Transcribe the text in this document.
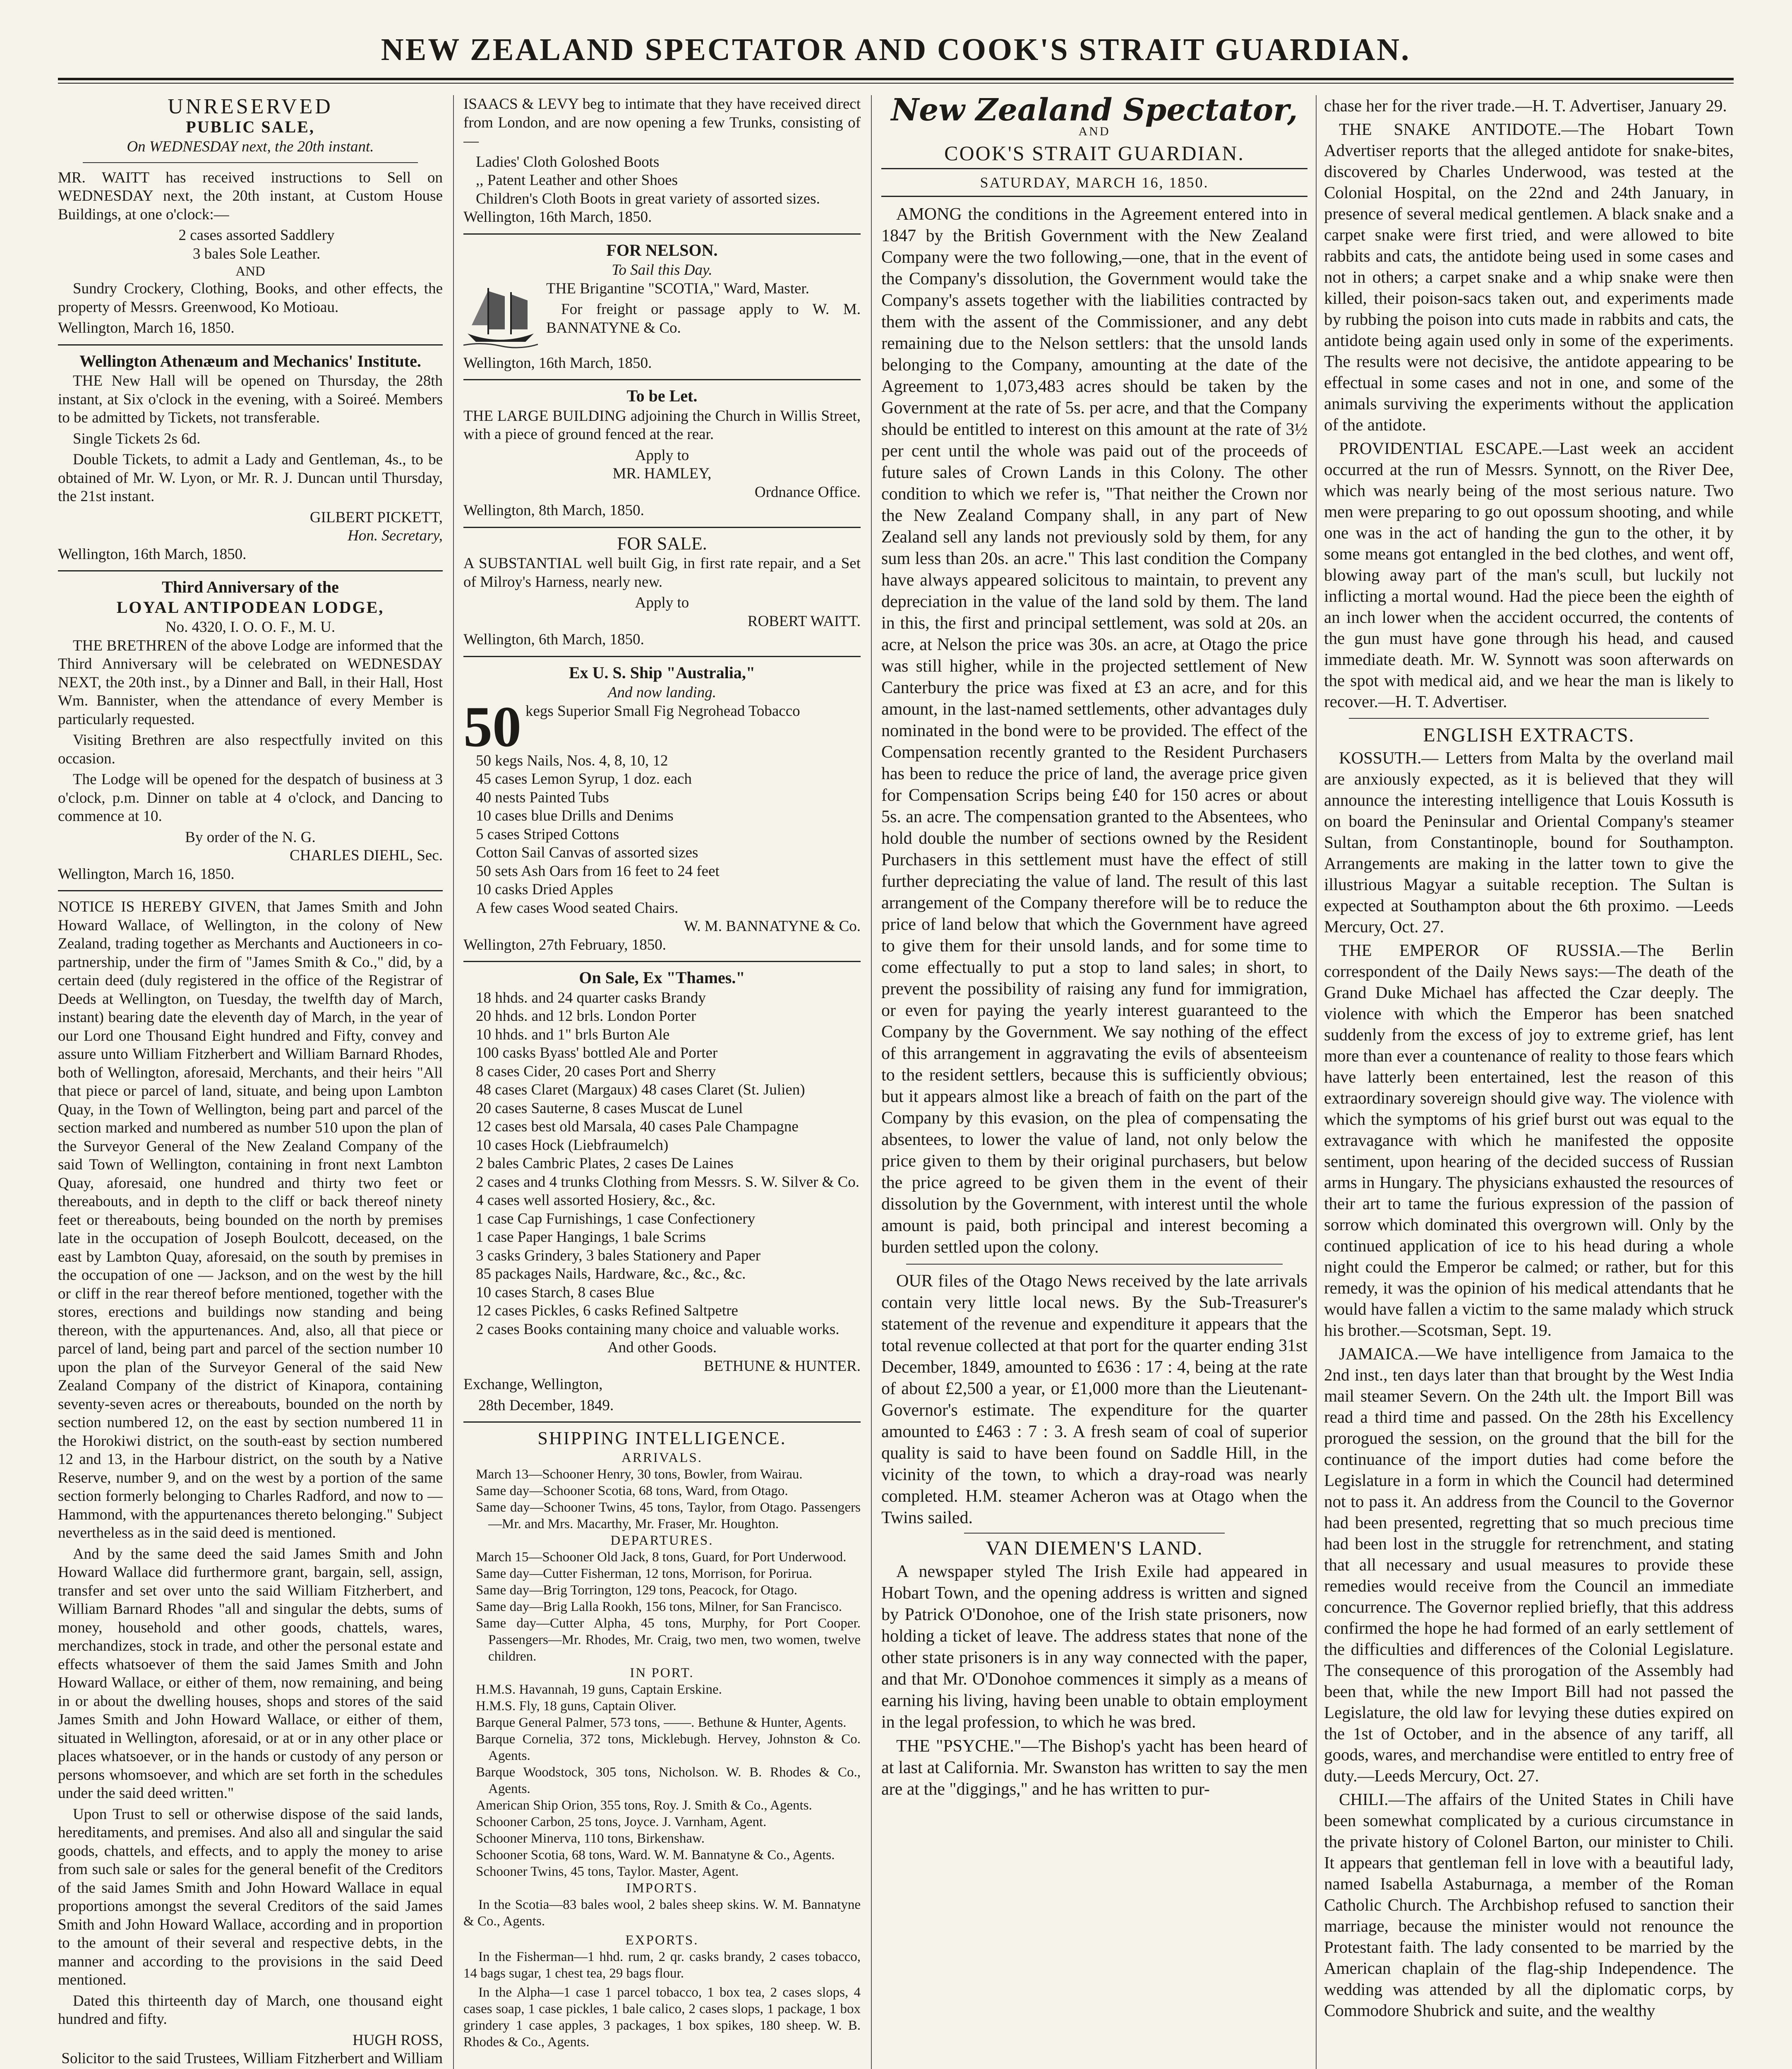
NEW ZEALAND SPECTATOR AND COOK'S STRAIT GUARDIAN.
UNRESERVED
PUBLIC SALE,
On WEDNESDAY next, the 20th instant.

MR. WAITT has received instructions to Sell on WEDNESDAY next, the 20th instant, at Custom House Buildings, at one o'clock:—

2 cases assorted Saddlery
3 bales Sole Leather.
AND

Sundry Crockery, Clothing, Books, and other effects, the property of Messrs. Greenwood, Ko Motioau.

Wellington, March 16, 1850.

Wellington Athenæum and Mechanics' Institute.

THE New Hall will be opened on Thursday, the 28th instant, at Six o'clock in the evening, with a Soireé. Members to be admitted by Tickets, not transferable.

Single Tickets 2s 6d.

Double Tickets, to admit a Lady and Gentleman, 4s., to be obtained of Mr. W. Lyon, or Mr. R. J. Duncan until Thursday, the 21st instant.

GILBERT PICKETT,
Hon. Secretary,

Wellington, 16th March, 1850.

Third Anniversary of the
LOYAL ANTIPODEAN LODGE,
No. 4320, I. O. O. F., M. U.

THE BRETHREN of the above Lodge are informed that the Third Anniversary will be celebrated on WEDNESDAY NEXT, the 20th inst., by a Dinner and Ball, in their Hall, Host Wm. Bannister, when the attendance of every Member is particularly requested.

Visiting Brethren are also respectfully invited on this occasion.

The Lodge will be opened for the despatch of business at 3 o'clock, p.m. Dinner on table at 4 o'clock, and Dancing to commence at 10.

By order of the N. G.
CHARLES DIEHL, Sec.

Wellington, March 16, 1850.

NOTICE IS HEREBY GIVEN, that James Smith and John Howard Wallace, of Wellington, in the colony of New Zealand, trading together as Merchants and Auctioneers in co-partnership, under the firm of "James Smith & Co.," did, by a certain deed (duly registered in the office of the Registrar of Deeds at Wellington, on Tuesday, the twelfth day of March, instant) bearing date the eleventh day of March, in the year of our Lord one Thousand Eight hundred and Fifty, convey and assure unto William Fitzherbert and William Barnard Rhodes, both of Wellington, aforesaid, Merchants, and their heirs "All that piece or parcel of land, situate, and being upon Lambton Quay, in the Town of Wellington, being part and parcel of the section marked and numbered as number 510 upon the plan of the Surveyor General of the New Zealand Company of the said Town of Wellington, containing in front next Lambton Quay, aforesaid, one hundred and thirty two feet or thereabouts, and in depth to the cliff or back thereof ninety feet or thereabouts, being bounded on the north by premises late in the occupation of Joseph Boulcott, deceased, on the east by Lambton Quay, aforesaid, on the south by premises in the occupation of one — Jackson, and on the west by the hill or cliff in the rear thereof before mentioned, together with the stores, erections and buildings now standing and being thereon, with the appurtenances. And, also, all that piece or parcel of land, being part and parcel of the section number 10 upon the plan of the Surveyor General of the said New Zealand Company of the district of Kinapora, containing seventy-seven acres or thereabouts, bounded on the north by section numbered 12, on the east by section numbered 11 in the Horokiwi district, on the south-east by section numbered 12 and 13, in the Harbour district, on the south by a Native Reserve, number 9, and on the west by a portion of the same section formerly belonging to Charles Radford, and now to — Hammond, with the appurtenances thereto belonging." Subject nevertheless as in the said deed is mentioned.

And by the same deed the said James Smith and John Howard Wallace did furthermore grant, bargain, sell, assign, transfer and set over unto the said William Fitzherbert, and William Barnard Rhodes "all and singular the debts, sums of money, household and other goods, chattels, wares, merchandizes, stock in trade, and other the personal estate and effects whatsoever of them the said James Smith and John Howard Wallace, or either of them, now remaining, and being in or about the dwelling houses, shops and stores of the said James Smith and John Howard Wallace, or either of them, situated in Wellington, aforesaid, or at or in any other place or places whatsoever, or in the hands or custody of any person or persons whomsoever, and which are set forth in the schedules under the said deed written."

Upon Trust to sell or otherwise dispose of the said lands, hereditaments, and premises. And also all and singular the said goods, chattels, and effects, and to apply the money to arise from such sale or sales for the general benefit of the Creditors of the said James Smith and John Howard Wallace in equal proportions amongst the several Creditors of the said James Smith and John Howard Wallace, according and in proportion to the amount of their several and respective debts, in the manner and according to the provisions in the said Deed mentioned.

Dated this thirteenth day of March, one thousand eight hundred and fifty.

HUGH ROSS,
Solicitor to the said Trustees, William Fitzherbert and William

ISAACS & LEVY beg to intimate that they have received direct from London, and are now opening a few Trunks, consisting of—

Ladies' Cloth Goloshed Boots
,, Patent Leather and other Shoes
Children's Cloth Boots in great variety of assorted sizes.

Wellington, 16th March, 1850.

FOR NELSON.
To Sail this Day.

THE Brigantine "SCOTIA," Ward, Master.

For freight or passage apply to W. M. BANNATYNE & Co.

Wellington, 16th March, 1850.

To be Let.

THE LARGE BUILDING adjoining the Church in Willis Street, with a piece of ground fenced at the rear.

Apply to
MR. HAMLEY,
Ordnance Office.

Wellington, 8th March, 1850.

FOR SALE.

A SUBSTANTIAL well built Gig, in first rate repair, and a Set of Milroy's Harness, nearly new.

Apply to
ROBERT WAITT.

Wellington, 6th March, 1850.

Ex U. S. Ship "Australia,"
And now landing.
50 kegs Superior Small Fig Negrohead Tobacco

50 kegs Nails, Nos. 4, 8, 10, 12
45 cases Lemon Syrup, 1 doz. each
40 nests Painted Tubs
10 cases blue Drills and Denims
5 cases Striped Cottons
Cotton Sail Canvas of assorted sizes
50 sets Ash Oars from 16 feet to 24 feet
10 casks Dried Apples
A few cases Wood seated Chairs.
W. M. BANNATYNE & Co.

Wellington, 27th February, 1850.

On Sale, Ex "Thames."
18 hhds. and 24 quarter casks Brandy
20 hhds. and 12 brls. London Porter
10 hhds. and 1" brls Burton Ale
100 casks Byass' bottled Ale and Porter
8 cases Cider, 20 cases Port and Sherry
48 cases Claret (Margaux) 48 cases Claret (St. Julien)
20 cases Sauterne, 8 cases Muscat de Lunel
12 cases best old Marsala, 40 cases Pale Champagne
10 cases Hock (Liebfraumelch)
2 bales Cambric Plates, 2 cases De Laines
2 cases and 4 trunks Clothing from Messrs. S. W. Silver & Co.
4 cases well assorted Hosiery, &c., &c.
1 case Cap Furnishings, 1 case Confectionery
1 case Paper Hangings, 1 bale Scrims
3 casks Grindery, 3 bales Stationery and Paper
85 packages Nails, Hardware, &c., &c., &c.
10 cases Starch, 8 cases Blue
12 cases Pickles, 6 casks Refined Saltpetre
2 cases Books containing many choice and valuable works.
And other Goods.
BETHUNE & HUNTER.

Exchange, Wellington,

28th December, 1849.

SHIPPING INTELLIGENCE.
ARRIVALS.
March 13—Schooner Henry, 30 tons, Bowler, from Wairau.
Same day—Schooner Scotia, 68 tons, Ward, from Otago.
Same day—Schooner Twins, 45 tons, Taylor, from Otago. Passengers—Mr. and Mrs. Macarthy, Mr. Fraser, Mr. Houghton.
DEPARTURES.
March 15—Schooner Old Jack, 8 tons, Guard, for Port Underwood.
Same day—Cutter Fisherman, 12 tons, Morrison, for Porirua.
Same day—Brig Torrington, 129 tons, Peacock, for Otago.
Same day—Brig Lalla Rookh, 156 tons, Milner, for San Francisco.
Same day—Cutter Alpha, 45 tons, Murphy, for Port Cooper. Passengers—Mr. Rhodes, Mr. Craig, two men, two women, twelve children.
IN PORT.
H.M.S. Havannah, 19 guns, Captain Erskine.
H.M.S. Fly, 18 guns, Captain Oliver.
Barque General Palmer, 573 tons, ——. Bethune & Hunter, Agents.
Barque Cornelia, 372 tons, Micklebugh. Hervey, Johnston & Co. Agents.
Barque Woodstock, 305 tons, Nicholson. W. B. Rhodes & Co., Agents.
American Ship Orion, 355 tons, Roy. J. Smith & Co., Agents.
Schooner Carbon, 25 tons, Joyce. J. Varnham, Agent.
Schooner Minerva, 110 tons, Birkenshaw.
Schooner Scotia, 68 tons, Ward. W. M. Bannatyne & Co., Agents.
Schooner Twins, 45 tons, Taylor. Master, Agent.
IMPORTS.

In the Scotia—83 bales wool, 2 bales sheep skins. W. M. Bannatyne & Co., Agents.

EXPORTS.

In the Fisherman—1 hhd. rum, 2 qr. casks brandy, 2 cases tobacco, 14 bags sugar, 1 chest tea, 29 bags flour.

In the Alpha—1 case 1 parcel tobacco, 1 box tea, 2 cases slops, 4 cases soap, 1 case pickles, 1 bale calico, 2 cases slops, 1 package, 1 box grindery 1 case apples, 3 packages, 1 box spikes, 180 sheep. W. B. Rhodes & Co., Agents.

New Zealand Spectator,
AND
COOK'S STRAIT GUARDIAN.
SATURDAY, MARCH 16, 1850.

AMONG the conditions in the Agreement entered into in 1847 by the British Government with the New Zealand Company were the two following,—one, that in the event of the Company's dissolution, the Government would take the Company's assets together with the liabilities contracted by them with the assent of the Commissioner, and any debt remaining due to the Nelson settlers: that the unsold lands belonging to the Company, amounting at the date of the Agreement to 1,073,483 acres should be taken by the Government at the rate of 5s. per acre, and that the Company should be entitled to interest on this amount at the rate of 3½ per cent until the whole was paid out of the proceeds of future sales of Crown Lands in this Colony. The other condition to which we refer is, "That neither the Crown nor the New Zealand Company shall, in any part of New Zealand sell any lands not previously sold by them, for any sum less than 20s. an acre." This last condition the Company have always appeared solicitous to maintain, to prevent any depreciation in the value of the land sold by them. The land in this, the first and principal settlement, was sold at 20s. an acre, at Nelson the price was 30s. an acre, at Otago the price was still higher, while in the projected settlement of New Canterbury the price was fixed at £3 an acre, and for this amount, in the last-named settlements, other advantages duly nominated in the bond were to be provided. The effect of the Compensation recently granted to the Resident Purchasers has been to reduce the price of land, the average price given for Compensation Scrips being £40 for 150 acres or about 5s. an acre. The compensation granted to the Absentees, who hold double the number of sections owned by the Resident Purchasers in this settlement must have the effect of still further depreciating the value of land. The result of this last arrangement of the Company therefore will be to reduce the price of land below that which the Government have agreed to give them for their unsold lands, and for some time to come effectually to put a stop to land sales; in short, to prevent the possibility of raising any fund for immigration, or even for paying the yearly interest guaranteed to the Company by the Government. We say nothing of the effect of this arrangement in aggravating the evils of absenteeism to the resident settlers, because this is sufficiently obvious; but it appears almost like a breach of faith on the part of the Company by this evasion, on the plea of compensating the absentees, to lower the value of land, not only below the price given to them by their original purchasers, but below the price agreed to be given them in the event of their dissolution by the Government, with interest until the whole amount is paid, both principal and interest becoming a burden settled upon the colony.

OUR files of the Otago News received by the late arrivals contain very little local news. By the Sub-Treasurer's statement of the revenue and expenditure it appears that the total revenue collected at that port for the quarter ending 31st December, 1849, amounted to £636 : 17 : 4, being at the rate of about £2,500 a year, or £1,000 more than the Lieutenant-Governor's estimate. The expenditure for the quarter amounted to £463 : 7 : 3. A fresh seam of coal of superior quality is said to have been found on Saddle Hill, in the vicinity of the town, to which a dray-road was nearly completed. H.M. steamer Acheron was at Otago when the Twins sailed.

VAN DIEMEN'S LAND.

A newspaper styled The Irish Exile had appeared in Hobart Town, and the opening address is written and signed by Patrick O'Donohoe, one of the Irish state prisoners, now holding a ticket of leave. The address states that none of the other state prisoners is in any way connected with the paper, and that Mr. O'Donohoe commences it simply as a means of earning his living, having been unable to obtain employment in the legal profession, to which he was bred.

THE "PSYCHE."—The Bishop's yacht has been heard of at last at California. Mr. Swanston has written to say the men are at the "diggings," and he has written to pur-

chase her for the river trade.—H. T. Advertiser, January 29.

THE SNAKE ANTIDOTE.—The Hobart Town Advertiser reports that the alleged antidote for snake-bites, discovered by Charles Underwood, was tested at the Colonial Hospital, on the 22nd and 24th January, in presence of several medical gentlemen. A black snake and a carpet snake were first tried, and were allowed to bite rabbits and cats, the antidote being used in some cases and not in others; a carpet snake and a whip snake were then killed, their poison-sacs taken out, and experiments made by rubbing the poison into cuts made in rabbits and cats, the antidote being again used only in some of the experiments. The results were not decisive, the antidote appearing to be effectual in some cases and not in one, and some of the animals surviving the experiments without the application of the antidote.

PROVIDENTIAL ESCAPE.—Last week an accident occurred at the run of Messrs. Synnott, on the River Dee, which was nearly being of the most serious nature. Two men were preparing to go out opossum shooting, and while one was in the act of handing the gun to the other, it by some means got entangled in the bed clothes, and went off, blowing away part of the man's scull, but luckily not inflicting a mortal wound. Had the piece been the eighth of an inch lower when the accident occurred, the contents of the gun must have gone through his head, and caused immediate death. Mr. W. Synnott was soon afterwards on the spot with medical aid, and we hear the man is likely to recover.—H. T. Advertiser.

ENGLISH EXTRACTS.

KOSSUTH.— Letters from Malta by the overland mail are anxiously expected, as it is believed that they will announce the interesting intelligence that Louis Kossuth is on board the Peninsular and Oriental Company's steamer Sultan, from Constantinople, bound for Southampton. Arrangements are making in the latter town to give the illustrious Magyar a suitable reception. The Sultan is expected at Southampton about the 6th proximo. —Leeds Mercury, Oct. 27.

THE EMPEROR OF RUSSIA.—The Berlin correspondent of the Daily News says:—The death of the Grand Duke Michael has affected the Czar deeply. The violence with which the Emperor has been snatched suddenly from the excess of joy to extreme grief, has lent more than ever a countenance of reality to those fears which have latterly been entertained, lest the reason of this extraordinary sovereign should give way. The violence with which the symptoms of his grief burst out was equal to the extravagance with which he manifested the opposite sentiment, upon hearing of the decided success of Russian arms in Hungary. The physicians exhausted the resources of their art to tame the furious expression of the passion of sorrow which dominated this overgrown will. Only by the continued application of ice to his head during a whole night could the Emperor be calmed; or rather, but for this remedy, it was the opinion of his medical attendants that he would have fallen a victim to the same malady which struck his brother.—Scotsman, Sept. 19.

JAMAICA.—We have intelligence from Jamaica to the 2nd inst., ten days later than that brought by the West India mail steamer Severn. On the 24th ult. the Import Bill was read a third time and passed. On the 28th his Excellency prorogued the session, on the ground that the bill for the continuance of the import duties had come before the Legislature in a form in which the Council had determined not to pass it. An address from the Council to the Governor had been presented, regretting that so much precious time had been lost in the struggle for retrenchment, and stating that all necessary and usual measures to provide these remedies would receive from the Council an immediate concurrence. The Governor replied briefly, that this address confirmed the hope he had formed of an early settlement of the difficulties and differences of the Colonial Legislature. The consequence of this prorogation of the Assembly had been that, while the new Import Bill had not passed the Legislature, the old law for levying these duties expired on the 1st of October, and in the absence of any tariff, all goods, wares, and merchandise were entitled to entry free of duty.—Leeds Mercury, Oct. 27.

CHILI.—The affairs of the United States in Chili have been somewhat complicated by a curious circumstance in the private history of Colonel Barton, our minister to Chili. It appears that gentleman fell in love with a beautiful lady, named Isabella Astaburnaga, a member of the Roman Catholic Church. The Archbishop refused to sanction their marriage, because the minister would not renounce the Protestant faith. The lady consented to be married by the American chaplain of the flag-ship Independence. The wedding was attended by all the diplomatic corps, by Commodore Shubrick and suite, and the wealthy
